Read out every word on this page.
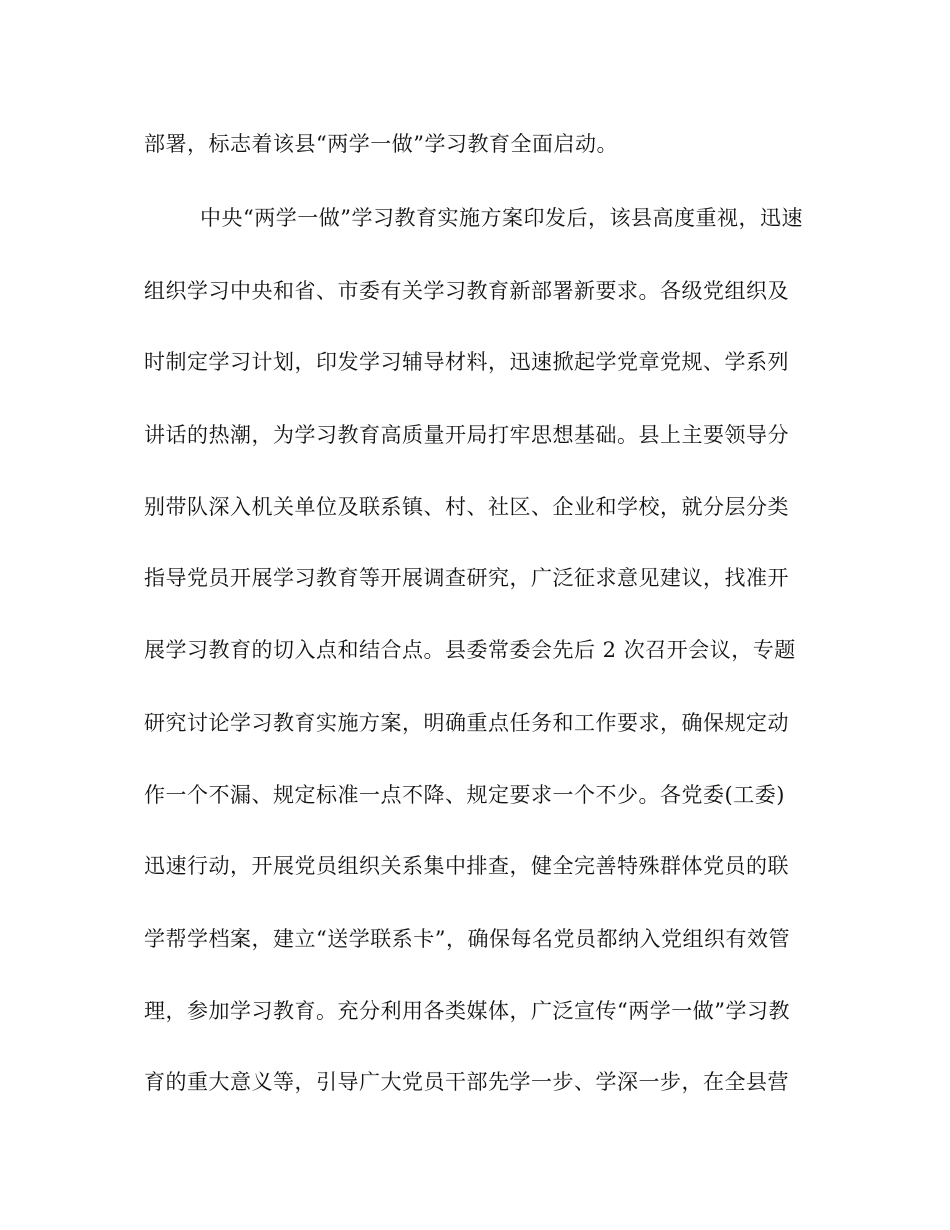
部署，标志着该县“两学一做”学习教育全面启动。
中央“两学一做”学习教育实施方案印发后，该县高度重视，迅速
组织学习中央和省、市委有关学习教育新部署新要求。各级党组织及
时制定学习计划，印发学习辅导材料，迅速掀起学党章党规、学系列
讲话的热潮，为学习教育高质量开局打牢思想基础。县上主要领导分
别带队深入机关单位及联系镇、村、社区、企业和学校，就分层分类
指导党员开展学习教育等开展调查研究，广泛征求意见建议，找准开
展学习教育的切入点和结合点。县委常委会先后 2 次召开会议，专题
研究讨论学习教育实施方案，明确重点任务和工作要求，确保规定动
作一个不漏、规定标准一点不降、规定要求一个不少。各党委(工委)
迅速行动，开展党员组织关系集中排查，健全完善特殊群体党员的联
学帮学档案，建立“送学联系卡”，确保每名党员都纳入党组织有效管
理，参加学习教育。充分利用各类媒体，广泛宣传“两学一做”学习教
育的重大意义等，引导广大党员干部先学一步、学深一步，在全县营
